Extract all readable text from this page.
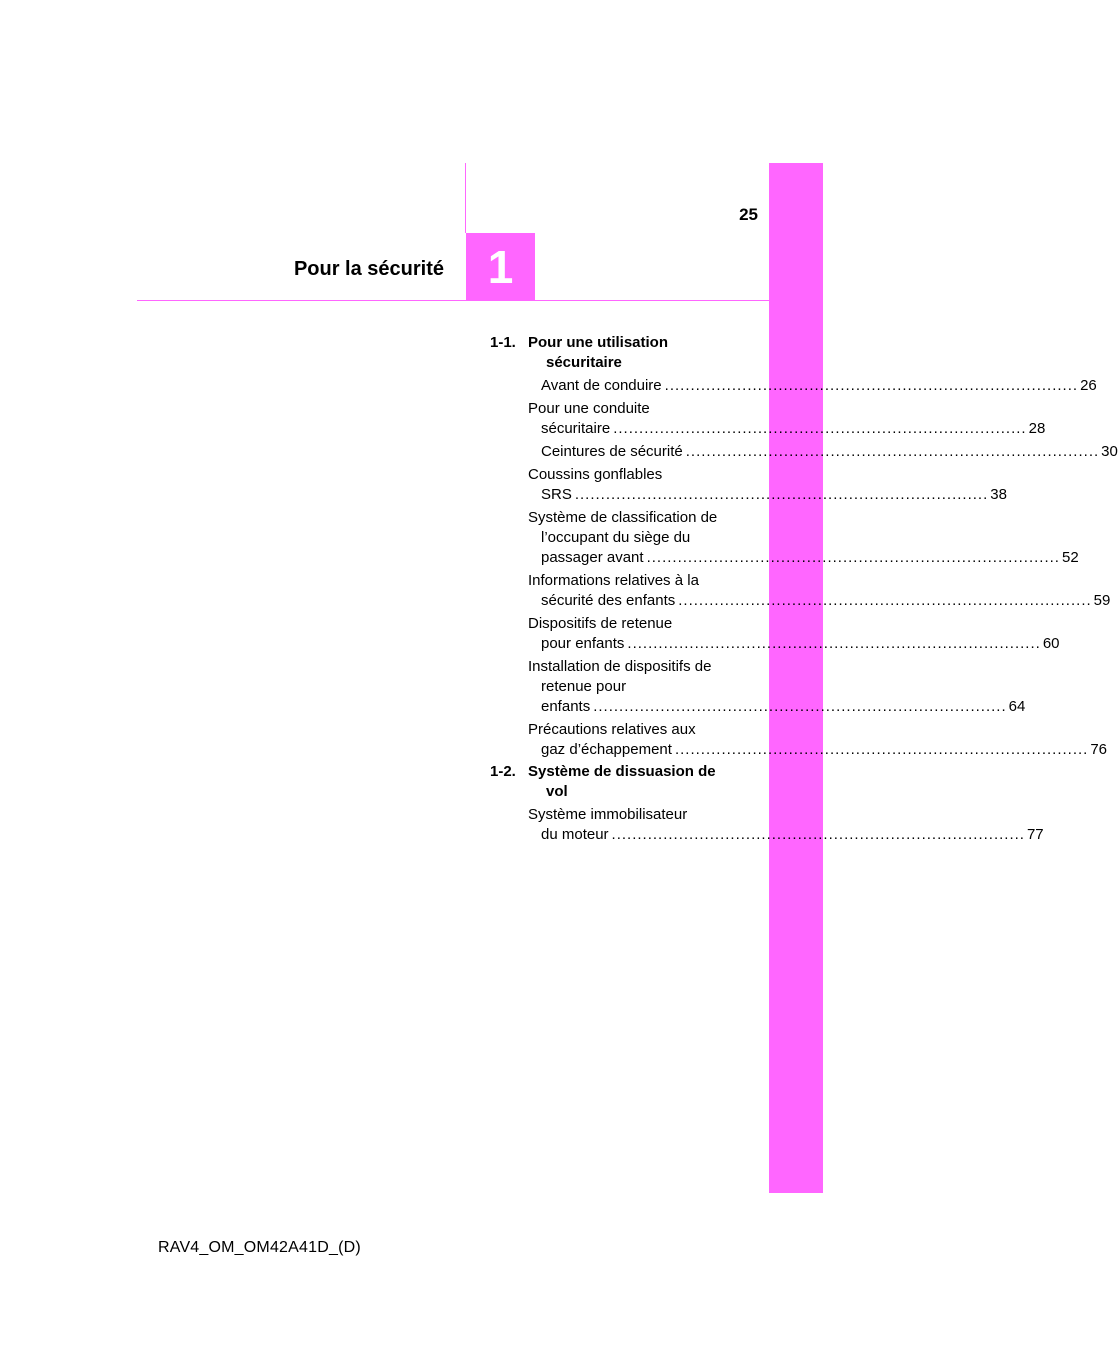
1
Pour la sécurité
25
1-1. Pour une utilisation sécuritaire
Avant de conduire ................................................................................ 26
Pour une conduite
sécuritaire ................................................................................ 28
Ceintures de sécurité ................................................................................ 30
Coussins gonflables
SRS ................................................................................ 38
Système de classification de l’occupant du siège du
passager avant ................................................................................ 52
Informations relatives à la
sécurité des enfants ................................................................................ 59
Dispositifs de retenue
pour enfants ................................................................................ 60
Installation de dispositifs de retenue pour
enfants ................................................................................ 64
Précautions relatives aux
gaz d’échappement ................................................................................ 76
1-2. Système de dissuasion de vol
Système immobilisateur
du moteur ................................................................................ 77
RAV4_OM_OM42A41D_(D)
